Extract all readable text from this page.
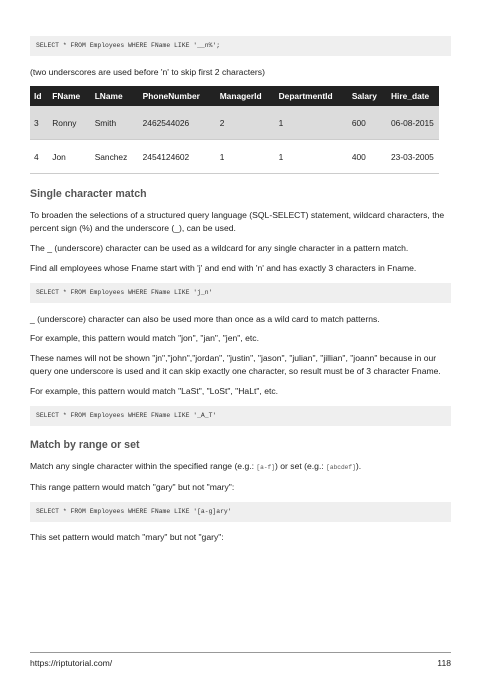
SELECT * FROM Employees WHERE FName LIKE '__n%';

(two underscores are used before 'n' to skip first 2 characters)

Id	FName	LName	PhoneNumber	ManagerId	DepartmentId	Salary	Hire_date
3	Ronny	Smith	2462544026	2	1	600	06-08-2015
4	Jon	Sanchez	2454124602	1	1	400	23-03-2005
Single character match

To broaden the selections of a structured query language (SQL-SELECT) statement, wildcard characters, the percent sign (%) and the underscore (_), can be used.

The _ (underscore) character can be used as a wildcard for any single character in a pattern match.

Find all employees whose Fname start with 'j' and end with 'n' and has exactly 3 characters in Fname.

SELECT * FROM Employees WHERE FName LIKE 'j_n'

_ (underscore) character can also be used more than once as a wild card to match patterns.

For example, this pattern would match "jon", "jan", "jen", etc.

These names will not be shown "jn","john","jordan", "justin", "jason", "julian", "jillian", "joann" because in our query one underscore is used and it can skip exactly one character, so result must be of 3 character Fname.

For example, this pattern would match "LaSt", "LoSt", "HaLt", etc.

SELECT * FROM Employees WHERE FName LIKE '_A_T'
Match by range or set

Match any single character within the specified range (e.g.: [a-f]) or set (e.g.: [abcdef]).

This range pattern would match "gary" but not "mary":

SELECT * FROM Employees WHERE FName LIKE '[a-g]ary'

This set pattern would match "mary" but not "gary":

https://riptutorial.com/	118
